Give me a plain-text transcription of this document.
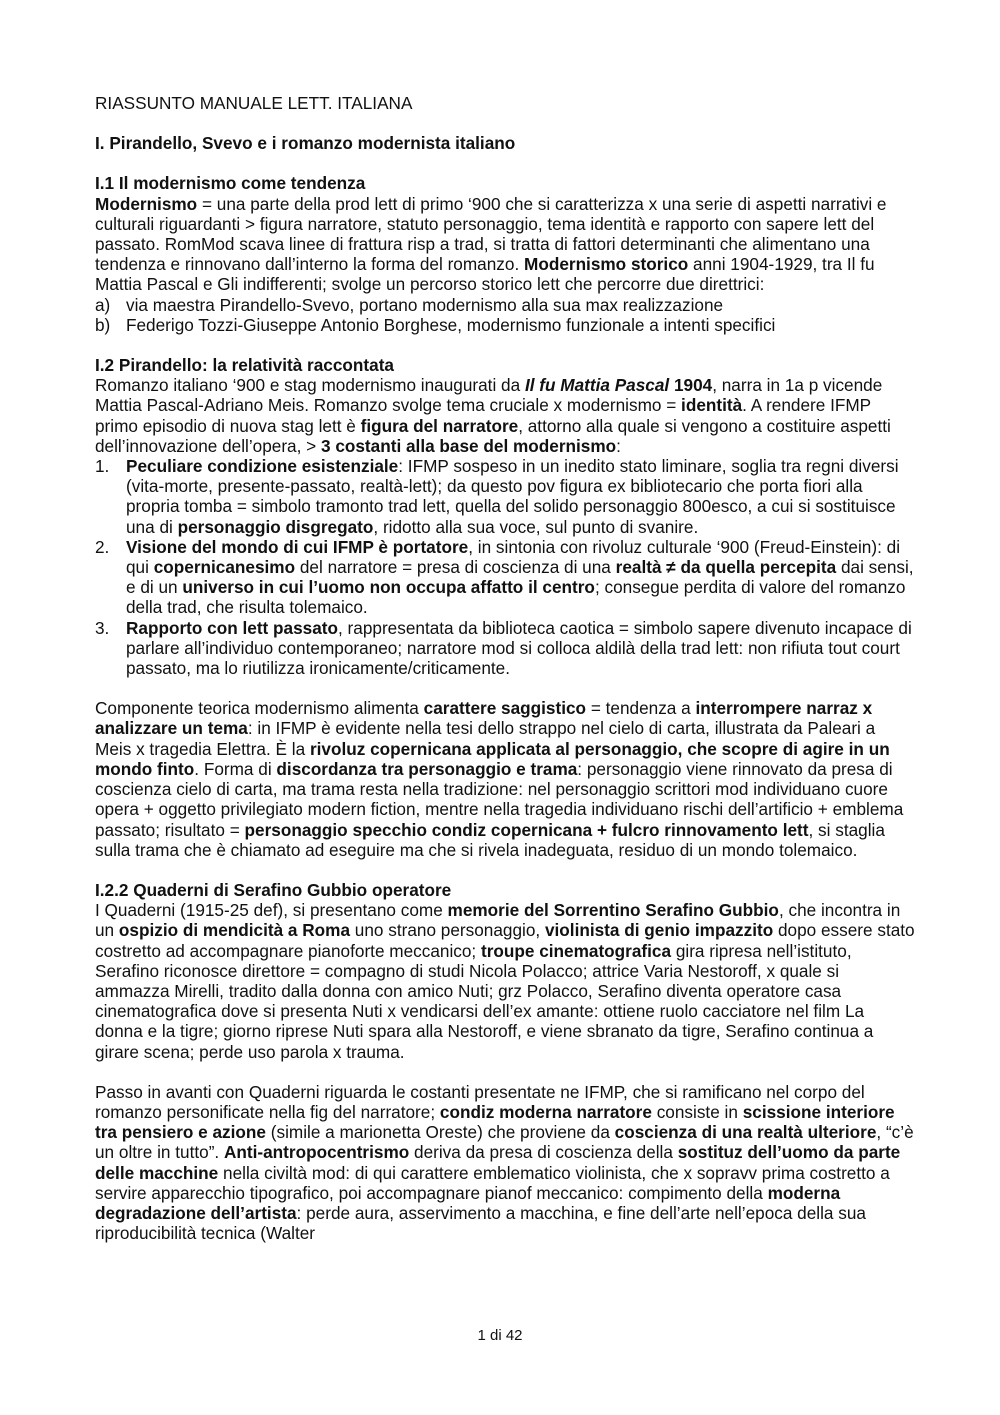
RIASSUNTO MANUALE LETT. ITALIANA

I. Pirandello, Svevo e i romanzo modernista italiano

I.1 Il modernismo come tendenza

Modernismo = una parte della prod lett di primo ‘900 che si caratterizza x una serie di aspetti narrativi e culturali riguardanti > figura narratore, statuto personaggio, tema identità e rapporto con sapere lett del passato. RomMod scava linee di frattura risp a trad, si tratta di fattori determinanti che alimentano una tendenza e rinnovano dall’interno la forma del romanzo. Modernismo storico anni 1904-1929, tra Il fu Mattia Pascal e Gli indifferenti; svolge un percorso storico lett che percorre due direttrici:

a) via maestra Pirandello-Svevo, portano modernismo alla sua max realizzazione
b) Federigo Tozzi-Giuseppe Antonio Borghese, modernismo funzionale a intenti specifici

I.2 Pirandello: la relatività raccontata

Romanzo italiano ‘900 e stag modernismo inaugurati da Il fu Mattia Pascal 1904, narra in 1a p vicende Mattia Pascal-Adriano Meis. Romanzo svolge tema cruciale x modernismo = identità. A rendere IFMP primo episodio di nuova stag lett è figura del narratore, attorno alla quale si vengono a costituire aspetti dell’innovazione dell’opera, > 3 costanti alla base del modernismo:

1. Peculiare condizione esistenziale: IFMP sospeso in un inedito stato liminare, soglia tra regni diversi (vita-morte, presente-passato, realtà-lett); da questo pov figura ex bibliotecario che porta fiori alla propria tomba = simbolo tramonto trad lett, quella del solido personaggio 800esco, a cui si sostituisce una di personaggio disgregato, ridotto alla sua voce, sul punto di svanire.
2. Visione del mondo di cui IFMP è portatore, in sintonia con rivoluz culturale ‘900 (Freud-Einstein): di qui copernicanesimo del narratore = presa di coscienza di una realtà ≠ da quella percepita dai sensi, e di un universo in cui l’uomo non occupa affatto il centro; consegue perdita di valore del romanzo della trad, che risulta tolemaico.
3. Rapporto con lett passato, rappresentata da biblioteca caotica = simbolo sapere divenuto incapace di parlare all’individuo contemporaneo; narratore mod si colloca aldilà della trad lett: non rifiuta tout court passato, ma lo riutilizza ironicamente/criticamente.

Componente teorica modernismo alimenta carattere saggistico = tendenza a interrompere narraz x analizzare un tema: in IFMP è evidente nella tesi dello strappo nel cielo di carta, illustrata da Paleari a Meis x tragedia Elettra. È la rivoluz copernicana applicata al personaggio, che scopre di agire in un mondo finto. Forma di discordanza tra personaggio e trama: personaggio viene rinnovato da presa di coscienza cielo di carta, ma trama resta nella tradizione: nel personaggio scrittori mod individuano cuore opera + oggetto privilegiato modern fiction, mentre nella tragedia individuano rischi dell’artificio + emblema passato; risultato = personaggio specchio condiz copernicana + fulcro rinnovamento lett, si staglia sulla trama che è chiamato ad eseguire ma che si rivela inadeguata, residuo di un mondo tolemaico.

I.2.2 Quaderni di Serafino Gubbio operatore

I Quaderni (1915-25 def), si presentano come memorie del Sorrentino Serafino Gubbio, che incontra in un ospizio di mendicità a Roma uno strano personaggio, violinista di genio impazzito dopo essere stato costretto ad accompagnare pianoforte meccanico; troupe cinematografica gira ripresa nell’istituto, Serafino riconosce direttore = compagno di studi Nicola Polacco; attrice Varia Nestoroff, x quale si ammazza Mirelli, tradito dalla donna con amico Nuti; grz Polacco, Serafino diventa operatore casa cinematografica dove si presenta Nuti x vendicarsi dell’ex amante: ottiene ruolo cacciatore nel film La donna e la tigre; giorno riprese Nuti spara alla Nestoroff, e viene sbranato da tigre, Serafino continua a girare scena; perde uso parola x trauma.

Passo in avanti con Quaderni riguarda le costanti presentate ne IFMP, che si ramificano nel corpo del romanzo personificate nella fig del narratore; condiz moderna narratore consiste in scissione interiore tra pensiero e azione (simile a marionetta Oreste) che proviene da coscienza di una realtà ulteriore, “c’è un oltre in tutto”. Anti-antropocentrismo deriva da presa di coscienza della sostituz dell’uomo da parte delle macchine nella civiltà mod: di qui carattere emblematico violinista, che x sopravv prima costretto a servire apparecchio tipografico, poi accompagnare pianof meccanico: compimento della moderna degradazione dell’artista: perde aura, asservimento a macchina, e fine dell’arte nell’epoca della sua riproducibilità tecnica (Walter

1 di 42
